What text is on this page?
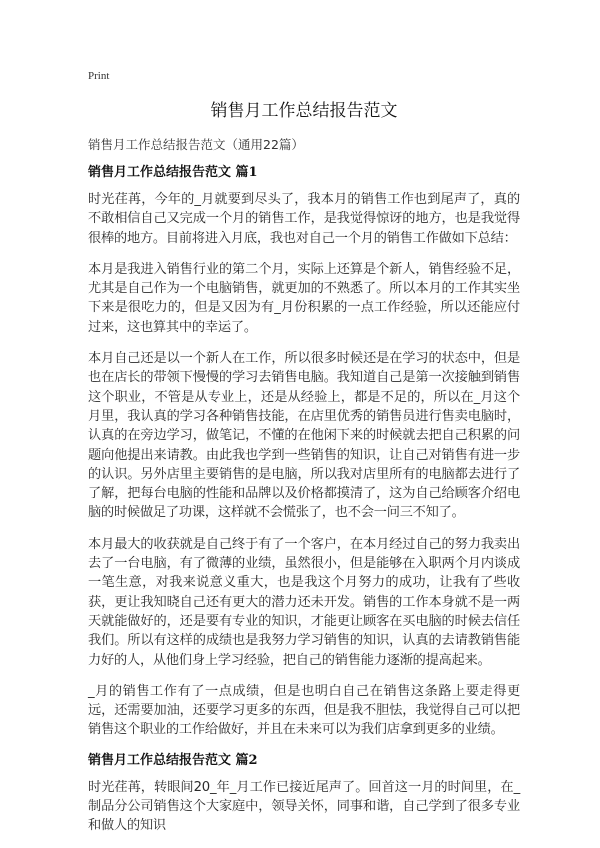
Print
销售月工作总结报告范文
销售月工作总结报告范文（通用22篇）
销售月工作总结报告范文 篇1

时光荏苒，今年的_月就要到尽头了，我本月的销售工作也到尾声了，真的不敢相信自己又完成一个月的销售工作，是我觉得惊讶的地方，也是我觉得很棒的地方。目前将进入月底，我也对自己一个月的销售工作做如下总结：

本月是我进入销售行业的第二个月，实际上还算是个新人，销售经验不足，尤其是自己作为一个电脑销售，就更加的不熟悉了。所以本月的工作其实坐下来是很吃力的，但是又因为有_月份积累的一点工作经验，所以还能应付过来，这也算其中的幸运了。

本月自己还是以一个新人在工作，所以很多时候还是在学习的状态中，但是也在店长的带领下慢慢的学习去销售电脑。我知道自己是第一次接触到销售这个职业，不管是从专业上，还是从经验上，都是不足的，所以在_月这个月里，我认真的学习各种销售技能，在店里优秀的销售员进行售卖电脑时，认真的在旁边学习，做笔记，不懂的在他闲下来的时候就去把自己积累的问题向他提出来请教。由此我也学到一些销售的知识，让自己对销售有进一步的认识。另外店里主要销售的是电脑，所以我对店里所有的电脑都去进行了了解，把每台电脑的性能和品牌以及价格都摸清了，这为自己给顾客介绍电脑的时候做足了功课，这样就不会慌张了，也不会一问三不知了。

本月最大的收获就是自己终于有了一个客户，在本月经过自己的努力我卖出去了一台电脑，有了微薄的业绩，虽然很小，但是能够在入职两个月内谈成一笔生意，对我来说意义重大，也是我这个月努力的成功，让我有了些收获，更让我知晓自己还有更大的潜力还未开发。销售的工作本身就不是一两天就能做好的，还是要有专业的知识，才能更让顾客在买电脑的时候去信任我们。所以有这样的成绩也是我努力学习销售的知识，认真的去请教销售能力好的人，从他们身上学习经验，把自己的销售能力逐渐的提高起来。

_月的销售工作有了一点成绩，但是也明白自己在销售这条路上要走得更远，还需要加油，还要学习更多的东西，但是我不胆怯，我觉得自己可以把销售这个职业的工作给做好，并且在未来可以为我们店拿到更多的业绩。

销售月工作总结报告范文 篇2

时光荏苒，转眼间20_年_月工作已接近尾声了。回首这一月的时间里，在_制品分公司销售这个大家庭中，领导关怀，同事和谐，自己学到了很多专业和做人的知识
